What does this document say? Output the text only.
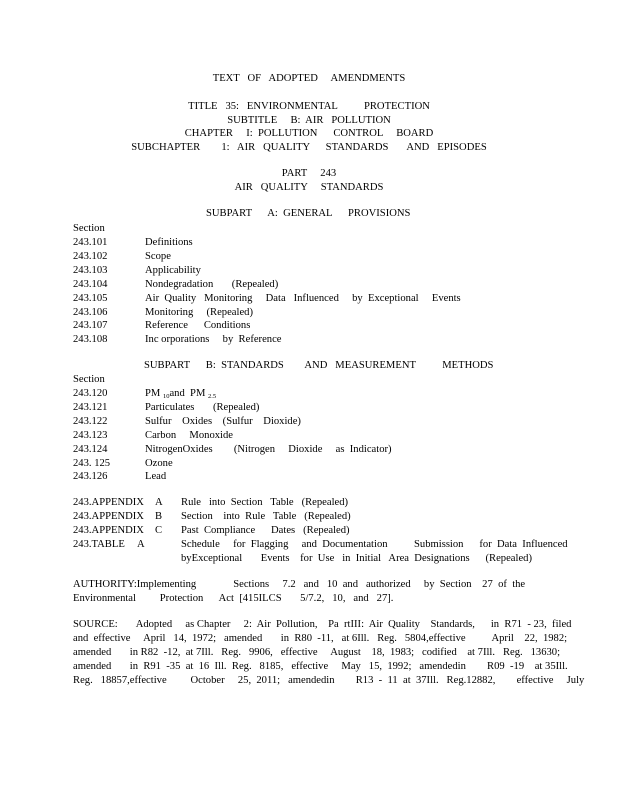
TEXT   OF   ADOPTED     AMENDMENTS
TITLE   35:   ENVIRONMENTAL          PROTECTION
SUBTITLE     B:  AIR   POLLUTION
CHAPTER     I:  POLLUTION      CONTROL     BOARD
SUBCHAPTER        1:   AIR   QUALITY      STANDARDS       AND   EPISODES
PART     243
AIR   QUALITY     STANDARDS
SUBPART      A:  GENERAL      PROVISIONS
Section
243.101	Definitions
243.102	Scope
243.103	Applicability
243.104	Nondegradation       (Repealed)
243.105	Air  Quality   Monitoring     Data   Influenced     by  Exceptional     Events
243.106	Monitoring     (Repealed)
243.107	Reference      Conditions
243.108	Inc orporations     by  Reference
SUBPART      B:  STANDARDS        AND   MEASUREMENT          METHODS
Section
243.120	PM $_{10}$and  PM $_{2.5}$
243.121	Particulates       (Repealed)
243.122	Sulfur    Oxides    (Sulfur    Dioxide)
243.123	Carbon     Monoxide
243.124	NitrogenOxides        (Nitrogen     Dioxide     as  Indicator)
243. 125	Ozone
243.126	Lead
243.APPENDIX A Rule   into  Section   Table   (Repealed)
243.APPENDIX B Section    into  Rule   Table   (Repealed)
243.APPENDIX C Past  Compliance      Dates   (Repealed)
243.TABLE A	Schedule     for  Flagging     and  Documentation          Submission      for  Data  Influenced
byExceptional       Events    for  Use   in  Initial   Area  Designations      (Repealed)
AUTHORITY:Implementing              Sections     7.2   and   10  and   authorized     by  Section    27  of  the
Environmental         Protection      Act  [415ILCS       5/7.2,   10,   and   27].
SOURCE:       Adopted     as Chapter     2:  Air  Pollution,    Pa  rtIII:  Air  Quality    Standards,      in  R71  - 23,  filed
and  effective     April   14,  1972;   amended       in  R80  -11,   at 6Ill.   Reg.   5804,effective          April    22,  1982;
amended       in R82  -12,  at 7Ill.   Reg.   9906,   effective     August    18,  1983;   codified    at 7Ill.   Reg.   13630;
amended       in  R91  -35  at  16  Ill.  Reg.   8185,   effective     May   15,  1992;   amendedin        R09  -19    at 35Ill.
Reg.   18857,effective         October     25,  2011;   amendedin        R13  -  11  at  37Ill.   Reg.12882,        effective     July
